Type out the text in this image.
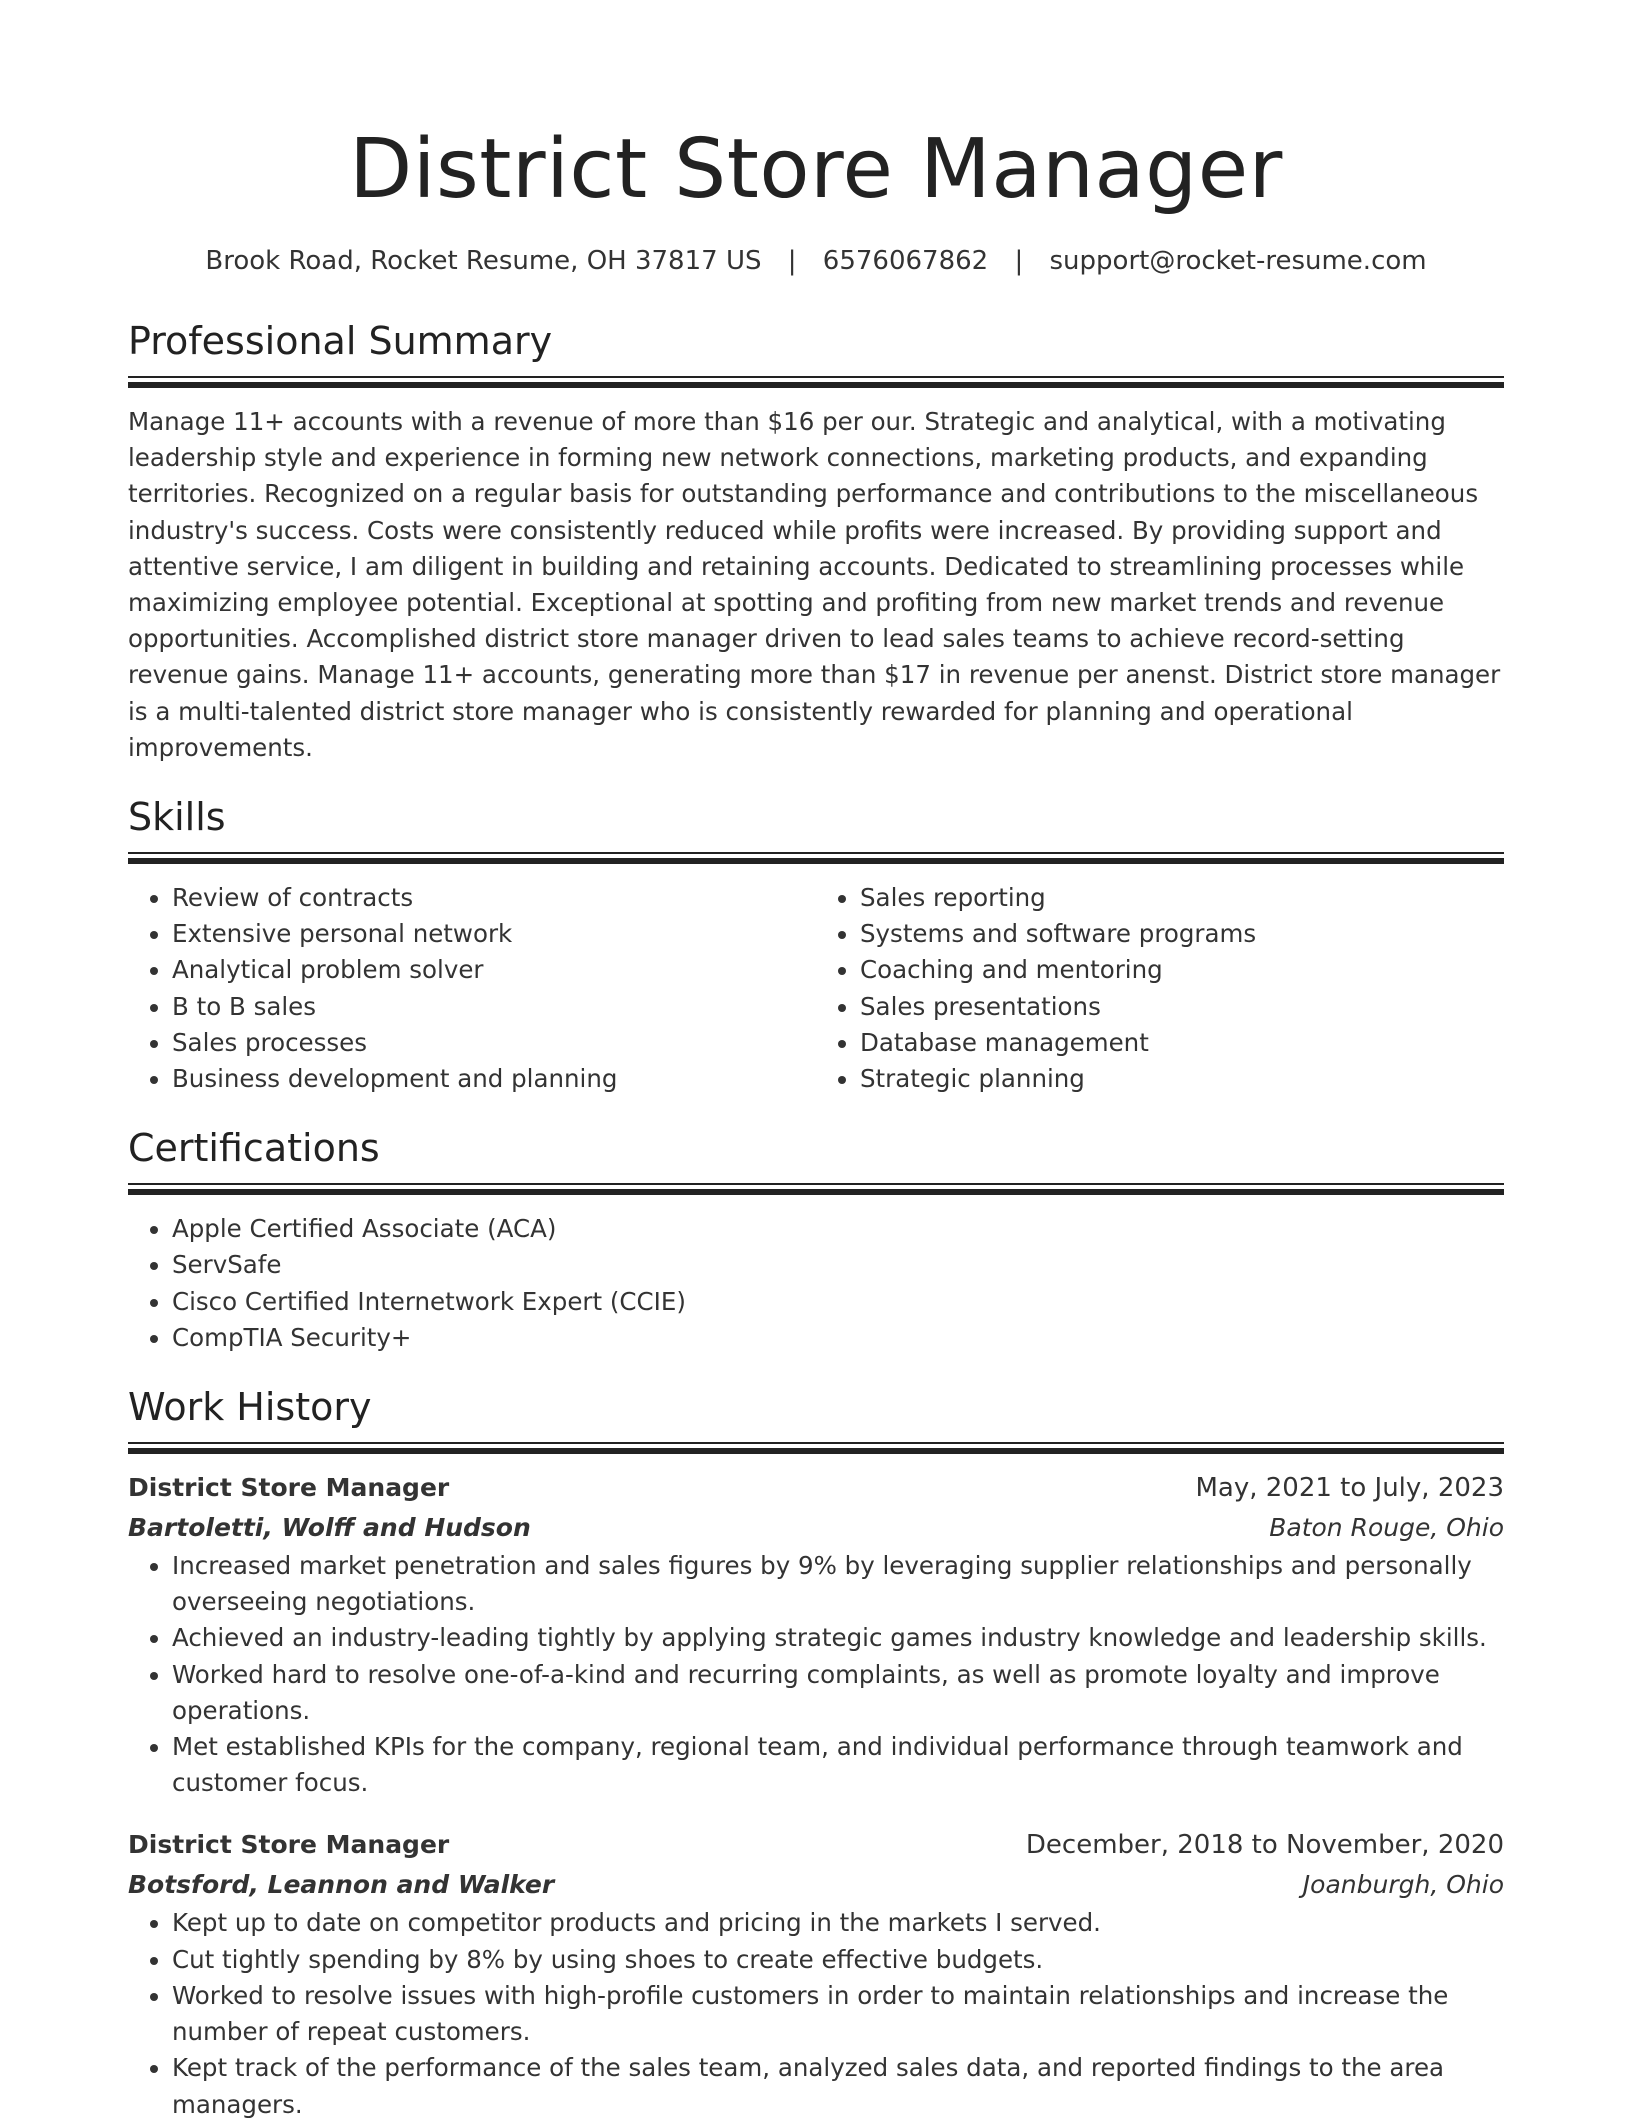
District Store Manager
Brook Road, Rocket Resume, OH 37817 US | 6576067862 | support@rocket-resume.com
Professional Summary
Manage 11+ accounts with a revenue of more than $16 per our. Strategic and analytical, with a motivating leadership style and experience in forming new network connections, marketing products, and expanding territories. Recognized on a regular basis for outstanding performance and contributions to the miscellaneous industry's success. Costs were consistently reduced while profits were increased. By providing support and attentive service, I am diligent in building and retaining accounts. Dedicated to streamlining processes while maximizing employee potential. Exceptional at spotting and profiting from new market trends and revenue opportunities. Accomplished district store manager driven to lead sales teams to achieve record-setting revenue gains. Manage 11+ accounts, generating more than $17 in revenue per anenst. District store manager is a multi-talented district store manager who is consistently rewarded for planning and operational improvements.
Skills
• Review of contracts
• Extensive personal network
• Analytical problem solver
• B to B sales
• Sales processes
• Business development and planning
• Sales reporting
• Systems and software programs
• Coaching and mentoring
• Sales presentations
• Database management
• Strategic planning
Certifications
• Apple Certified Associate (ACA)
• ServSafe
• Cisco Certified Internetwork Expert (CCIE)
• CompTIA Security+
Work History
District Store Manager	May, 2021 to July, 2023
Bartoletti, Wolff and Hudson	Baton Rouge, Ohio
• Increased market penetration and sales figures by 9% by leveraging supplier relationships and personally overseeing negotiations.
• Achieved an industry-leading tightly by applying strategic games industry knowledge and leadership skills.
• Worked hard to resolve one-of-a-kind and recurring complaints, as well as promote loyalty and improve operations.
• Met established KPIs for the company, regional team, and individual performance through teamwork and customer focus.
District Store Manager	December, 2018 to November, 2020
Botsford, Leannon and Walker	Joanburgh, Ohio
• Kept up to date on competitor products and pricing in the markets I served.
• Cut tightly spending by 8% by using shoes to create effective budgets.
• Worked to resolve issues with high-profile customers in order to maintain relationships and increase the number of repeat customers.
• Kept track of the performance of the sales team, analyzed sales data, and reported findings to the area managers.
